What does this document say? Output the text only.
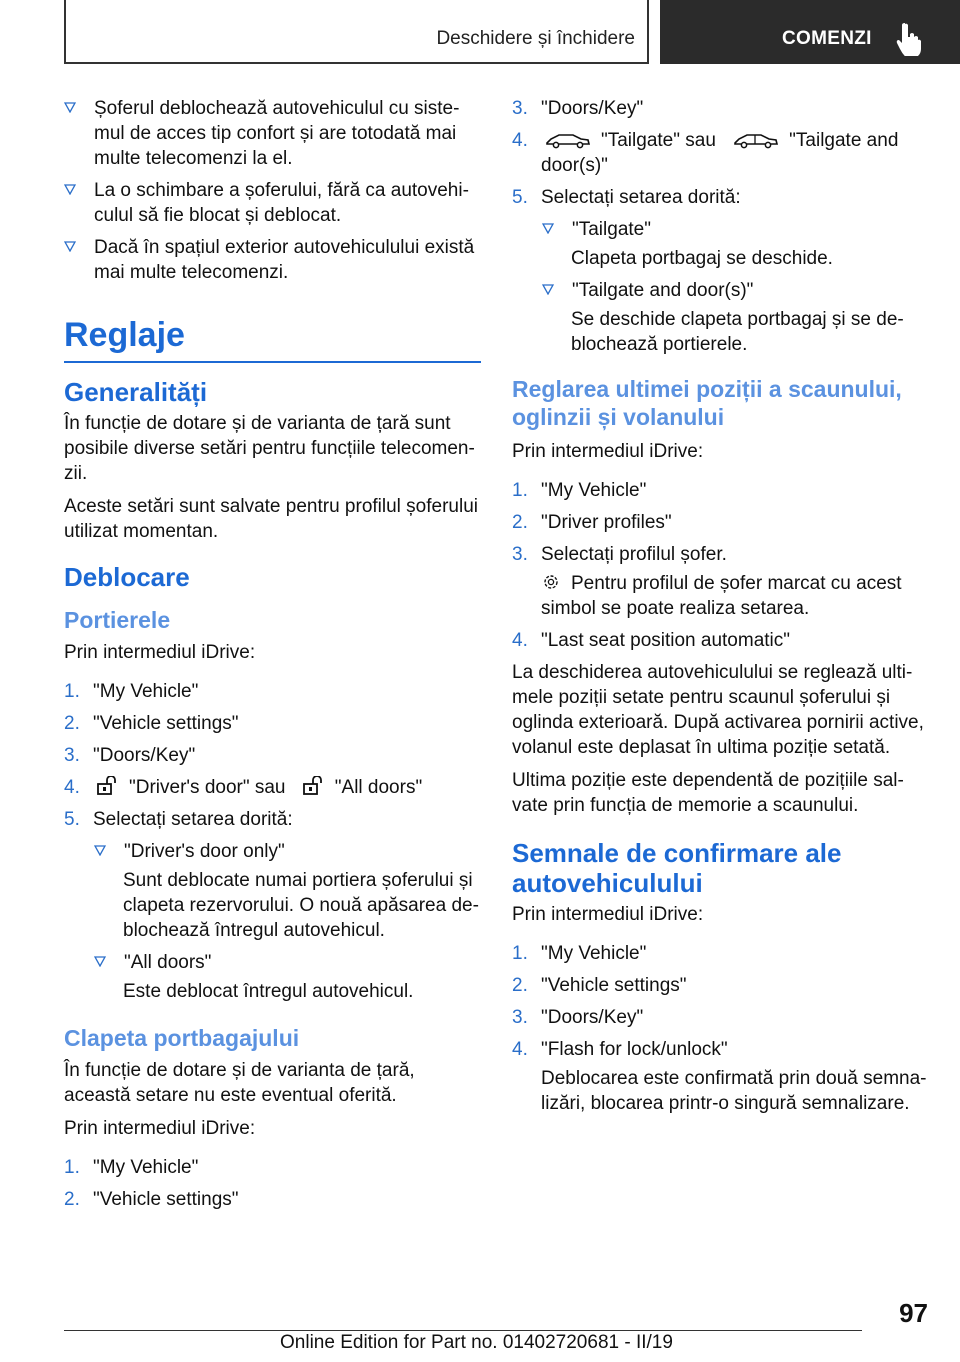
Deschidere și închidere	COMENZI
Șoferul deblochează autovehiculul cu siste-mul de acces tip confort și are totodată mai multe telecomenzi la el.
La o schimbare a șoferului, fără ca autovehi-culul să fie blocat și deblocat.
Dacă în spațiul exterior autovehiculului există mai multe telecomenzi.
Reglaje
Generalități
În funcție de dotare și de varianta de țară sunt posibile diverse setări pentru funcțiile telecomen-zii.
Aceste setări sunt salvate pentru profilul șoferului utilizat momentan.
Deblocare
Portierele
Prin intermediul iDrive:
1. "My Vehicle"
2. "Vehicle settings"
3. "Doors/Key"
4.	"Driver's door" sau	"All doors"
5. Selectați setarea dorită:
"Driver's door only"
Sunt deblocate numai portiera șoferului și clapeta rezervorului. O nouă apăsarea de-blochează întregul autovehicul.
"All doors"
Este deblocat întregul autovehicul.
Clapeta portbagajului
În funcție de dotare și de varianta de țară, această setare nu este eventual oferită.
Prin intermediul iDrive:
1. "My Vehicle"
2. "Vehicle settings"
3. "Doors/Key"
4.	"Tailgate" sau	"Tailgate and door(s)"
5. Selectați setarea dorită:
"Tailgate"
Clapeta portbagaj se deschide.
"Tailgate and door(s)"
Se deschide clapeta portbagaj și se de-blochează portierele.
Reglarea ultimei poziții a scaunului, oglinzii și volanului
Prin intermediul iDrive:
1. "My Vehicle"
2. "Driver profiles"
3. Selectați profilul șofer.
Pentru profilul de șofer marcat cu acest simbol se poate realiza setarea.
4. "Last seat position automatic"
La deschiderea autovehiculului se reglează ulti-mele poziții setate pentru scaunul șoferului și oglinda exterioară. După activarea pornirii active, volanul este deplasat în ultima poziție setată.
Ultima poziție este dependentă de pozițiile sal-vate prin funcția de memorie a scaunului.
Semnale de confirmare ale autovehiculului
Prin intermediul iDrive:
1. "My Vehicle"
2. "Vehicle settings"
3. "Doors/Key"
4. "Flash for lock/unlock"
Deblocarea este confirmată prin două semna-lizări, blocarea printr-o singură semnalizare.
97
Online Edition for Part no. 01402720681 - II/19
